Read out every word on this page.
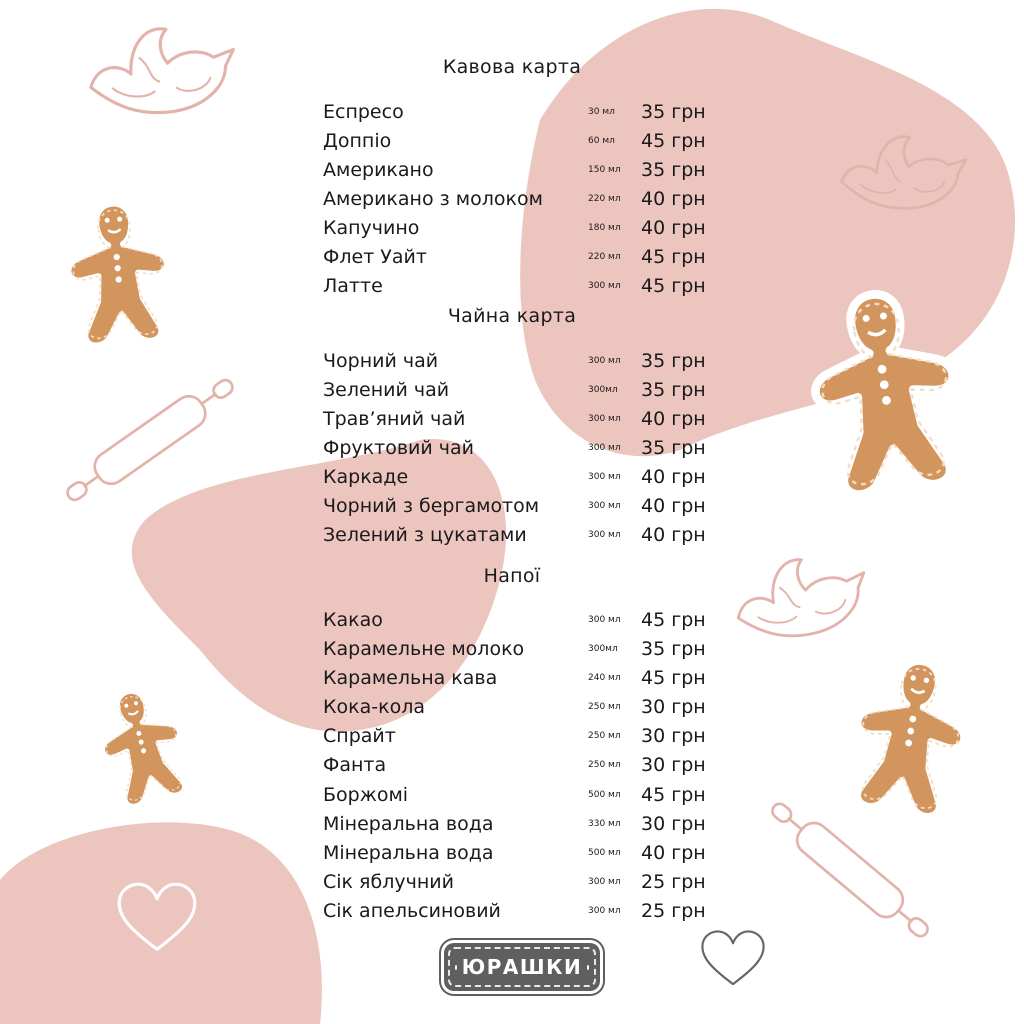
Кавова карта
Чайна карта
Напої
Еспресо	30 мл 35 грн
Доппіо	60 мл 45 грн
Американо	150 мл 35 грн
Американо з молоком	220 мл 40 грн
Капучино	180 мл 40 грн
Флет Уайт	220 мл 45 грн
Латте	300 мл 45 грн
Чорний чай	300 мл 35 грн
Зелений чай	300мл 35 грн
Трав’яний чай	300 мл 40 грн
Фруктовий чай	300 мл 35 грн
Каркаде	300 мл 40 грн
Чорний з бергамотом	300 мл 40 грн
Зелений з цукатами	300 мл 40 грн
Какао	300 мл 45 грн
Карамельне молоко	300мл 35 грн
Карамельна кава	240 мл 45 грн
Кока-кола	250 мл 30 грн
Спрайт	250 мл 30 грн
Фанта	250 мл 30 грн
Боржомі	500 мл 45 грн
Мінеральна вода	330 мл 30 грн
Мінеральна вода	500 мл 40 грн
Сік яблучний	300 мл 25 грн
Сік апельсиновий	300 мл 25 грн
ЮРАШКИ
